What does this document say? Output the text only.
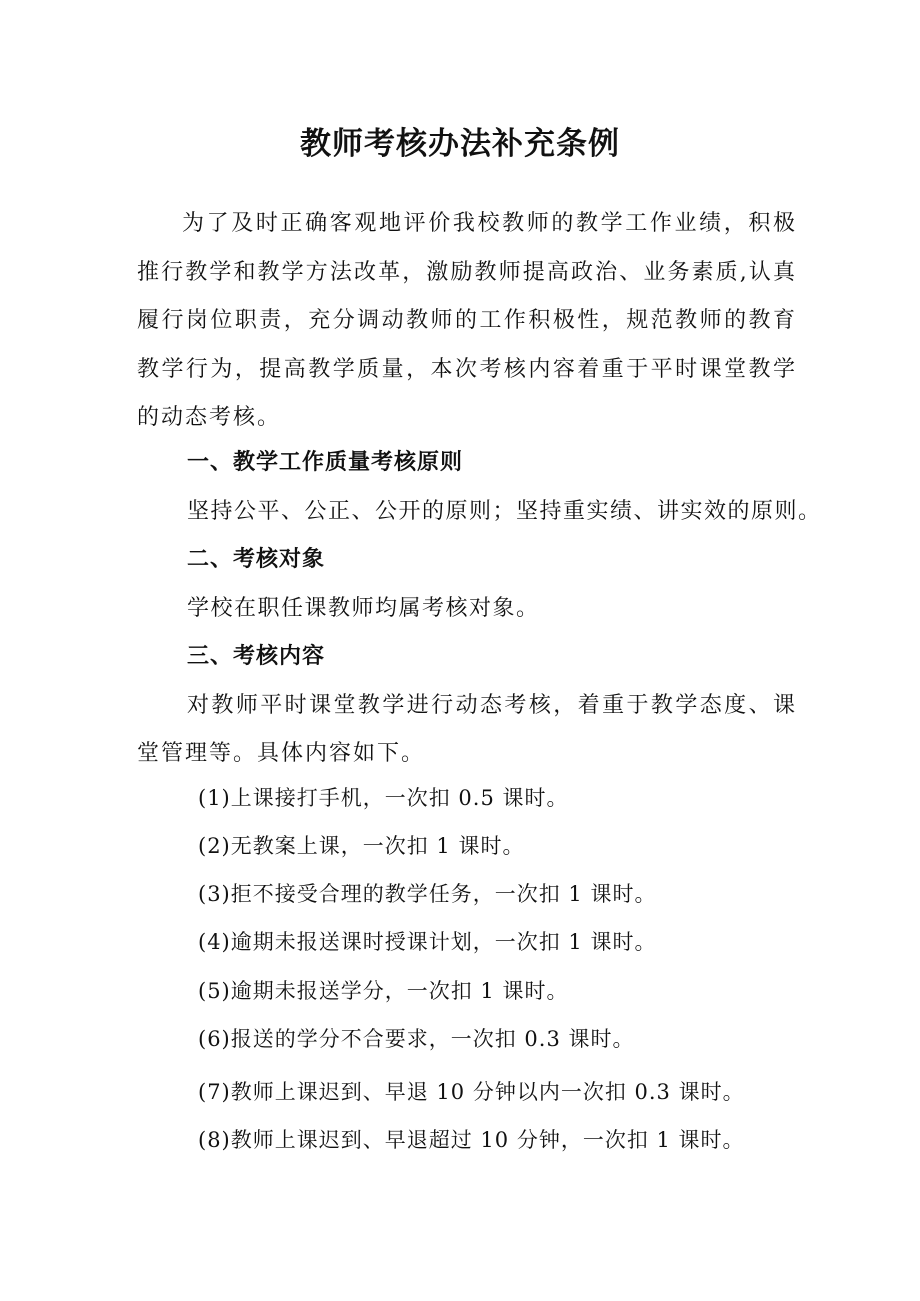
教师考核办法补充条例
为了及时正确客观地评价我校教师的教学工作业绩，积极推行教学和教学方法改革，激励教师提高政治、业务素质,认真履行岗位职责，充分调动教师的工作积极性，规范教师的教育教学行为，提高教学质量，本次考核内容着重于平时课堂教学的动态考核。
一、教学工作质量考核原则
坚持公平、公正、公开的原则；坚持重实绩、讲实效的原则。
二、考核对象
学校在职任课教师均属考核对象。
三、考核内容
对教师平时课堂教学进行动态考核，着重于教学态度、课堂管理等。具体内容如下。
(1)上课接打手机，一次扣 0.5 课时。
(2)无教案上课，一次扣 1 课时。
(3)拒不接受合理的教学任务，一次扣 1 课时。
(4)逾期未报送课时授课计划，一次扣 1 课时。
(5)逾期未报送学分，一次扣 1 课时。
(6)报送的学分不合要求，一次扣 0.3 课时。
(7)教师上课迟到、早退 10 分钟以内一次扣 0.3 课时。
(8)教师上课迟到、早退超过 10 分钟，一次扣 1 课时。
